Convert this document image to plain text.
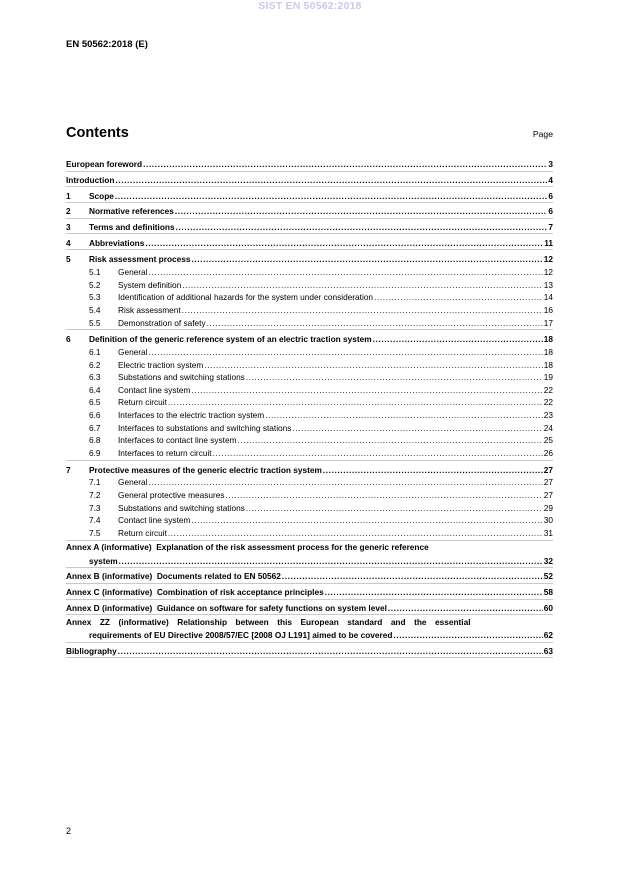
SIST EN 50562:2018
EN 50562:2018 (E)
Contents	Page
European foreword .....	3
Introduction .....	4
1	Scope .....	6
2	Normative references .....	6
3	Terms and definitions .....	7
4	Abbreviations .....	11
5	Risk assessment process .....	12
5.1	General .....	12
5.2	System definition .....	13
5.3	Identification of additional hazards for the system under consideration .....	14
5.4	Risk assessment .....	16
5.5	Demonstration of safety .....	17
6	Definition of the generic reference system of an electric traction system .....	18
6.1	General .....	18
6.2	Electric traction system .....	18
6.3	Substations and switching stations .....	19
6.4	Contact line system .....	22
6.5	Return circuit .....	22
6.6	Interfaces to the electric traction system .....	23
6.7	Interfaces to substations and switching stations .....	24
6.8	Interfaces to contact line system .....	25
6.9	Interfaces to return circuit .....	26
7	Protective measures of the generic electric traction system .....	27
7.1	General .....	27
7.2	General protective measures .....	27
7.3	Substations and switching stations .....	29
7.4	Contact line system .....	30
7.5	Return circuit .....	31
Annex A (informative)  Explanation of the risk assessment process for the generic reference
system .....	32
Annex B (informative)  Documents related to EN 50562 .....	52
Annex C (informative)  Combination of risk acceptance principles .....	58
Annex D (informative)  Guidance on software for safety functions on system level .....	60
Annex ZZ (informative) Relationship between this European standard and the essential
requirements of EU Directive 2008/57/EC [2008 OJ L191] aimed to be covered .....	62
Bibliography .....	63
2
